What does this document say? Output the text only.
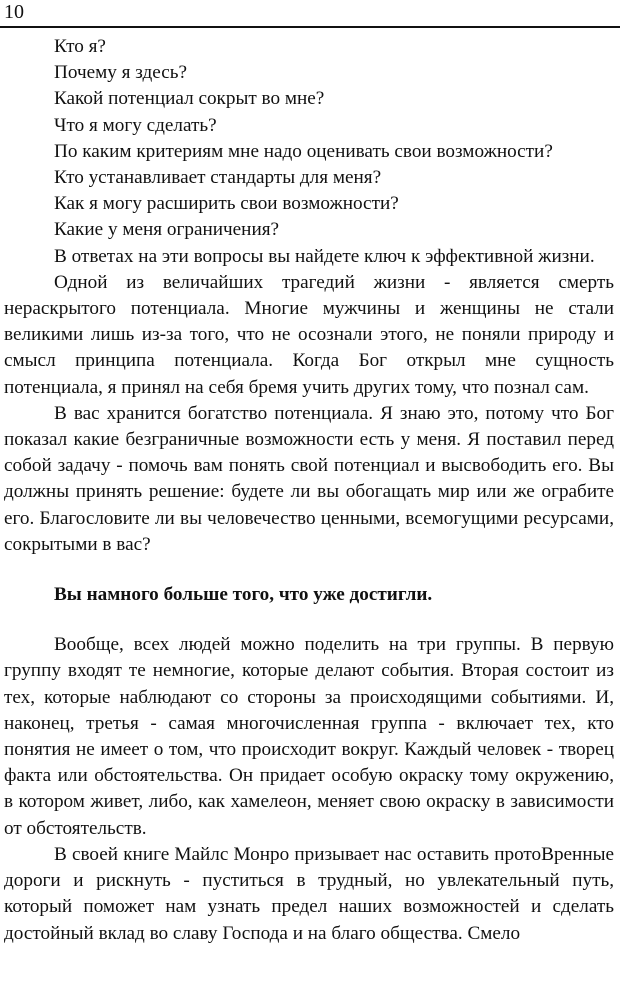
10

Кто я?

Почему я здесь?

Какой потенциал сокрыт во мне?

Что я могу сделать?

По каким критериям мне надо оценивать свои возможности?

Кто устанавливает стандарты для меня?

Как я могу расширить свои возможности?

Какие у меня ограничения?

В ответах на эти вопросы вы найдете ключ к эффективной жизни.

Одной из величайших трагедий жизни - является смерть нераскрытого потенциала. Многие мужчины и женщины не стали великими лишь из-за того, что не осознали этого, не поняли природу и смысл принципа потенциала. Когда Бог открыл мне сущность потенциала, я принял на себя бремя учить других тому, что познал сам.

В вас хранится богатство потенциала. Я знаю это, потому что Бог показал какие безграничные возможности есть у меня. Я поставил перед собой задачу - помочь вам понять свой потенциал и высвободить его. Вы должны принять решение: будете ли вы обогащать мир или же ограбите его. Благословите ли вы человечество ценными, всемогущими ресурсами, сокрытыми в вас?

Вы намного больше того, что уже достигли.

Вообще, всех людей можно поделить на три группы. В первую группу входят те немногие, которые делают события. Вторая состоит из тех, которые наблюдают со стороны за происходящими событиями. И, наконец, третья - самая многочисленная группа - включает тех, кто понятия не имеет о том, что происходит вокруг. Каждый человек - творец факта или обстоятельства. Он придает особую окраску тому окружению, в котором живет, либо, как хамелеон, меняет свою окраску в зависимости от обстоятельств.

В своей книге Майлс Монро призывает нас оставить протоΒренные дороги и рискнуть - пуститься в трудный, но увлекательный путь, который поможет нам узнать предел наших возможностей и сделать достойный вклад во славу Господа и на благо общества. Смело
